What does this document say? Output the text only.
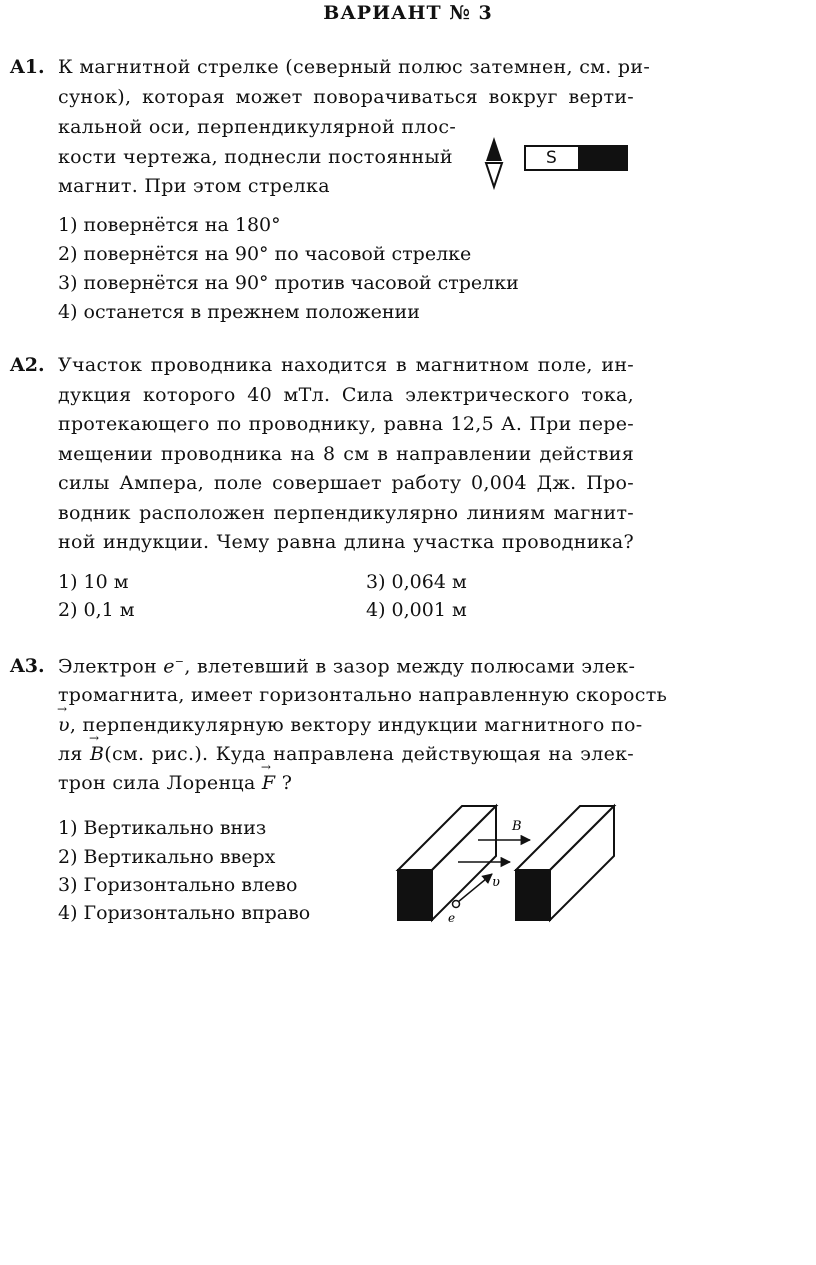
ВАРИАНТ № 3
A1. К магнитной стрелке (северный полюс затемнен, см. ри-
сунок), которая может поворачиваться вокруг верти-
кальной оси, перпендикулярной плос-
кости чертежа, поднесли постоянный
магнит. При этом стрелка
S
1) повернётся на 180°
2) повернётся на 90° по часовой стрелке
3) повернётся на 90° против часовой стрелки
4) останется в прежнем положении
A2. Участок проводника находится в магнитном поле, ин-
дукция которого 40 мТл. Сила электрического тока,
протекающего по проводнику, равна 12,5 А. При пере-
мещении проводника на 8 см в направлении действия
силы Ампера, поле совершает работу 0,004 Дж. Про-
водник расположен перпендикулярно линиям магнит-
ной индукции. Чему равна длина участка проводника?
1) 10 м	3) 0,064 м
2) 0,1 м	4) 0,001 м
A3. Электрон e−, влетевший в зазор между полюсами элек-
тромагнита, имеет горизонтально направленную скорость
→ υ, перпендикулярную вектору индукции магнитного по-
ля → B(см. рис.). Куда направлена действующая на элек-
трон сила Лоренца → F ?
1) Вертикально вниз
2) Вертикально вверх
3) Горизонтально влево
4) Горизонтально вправо
B
υ
e
